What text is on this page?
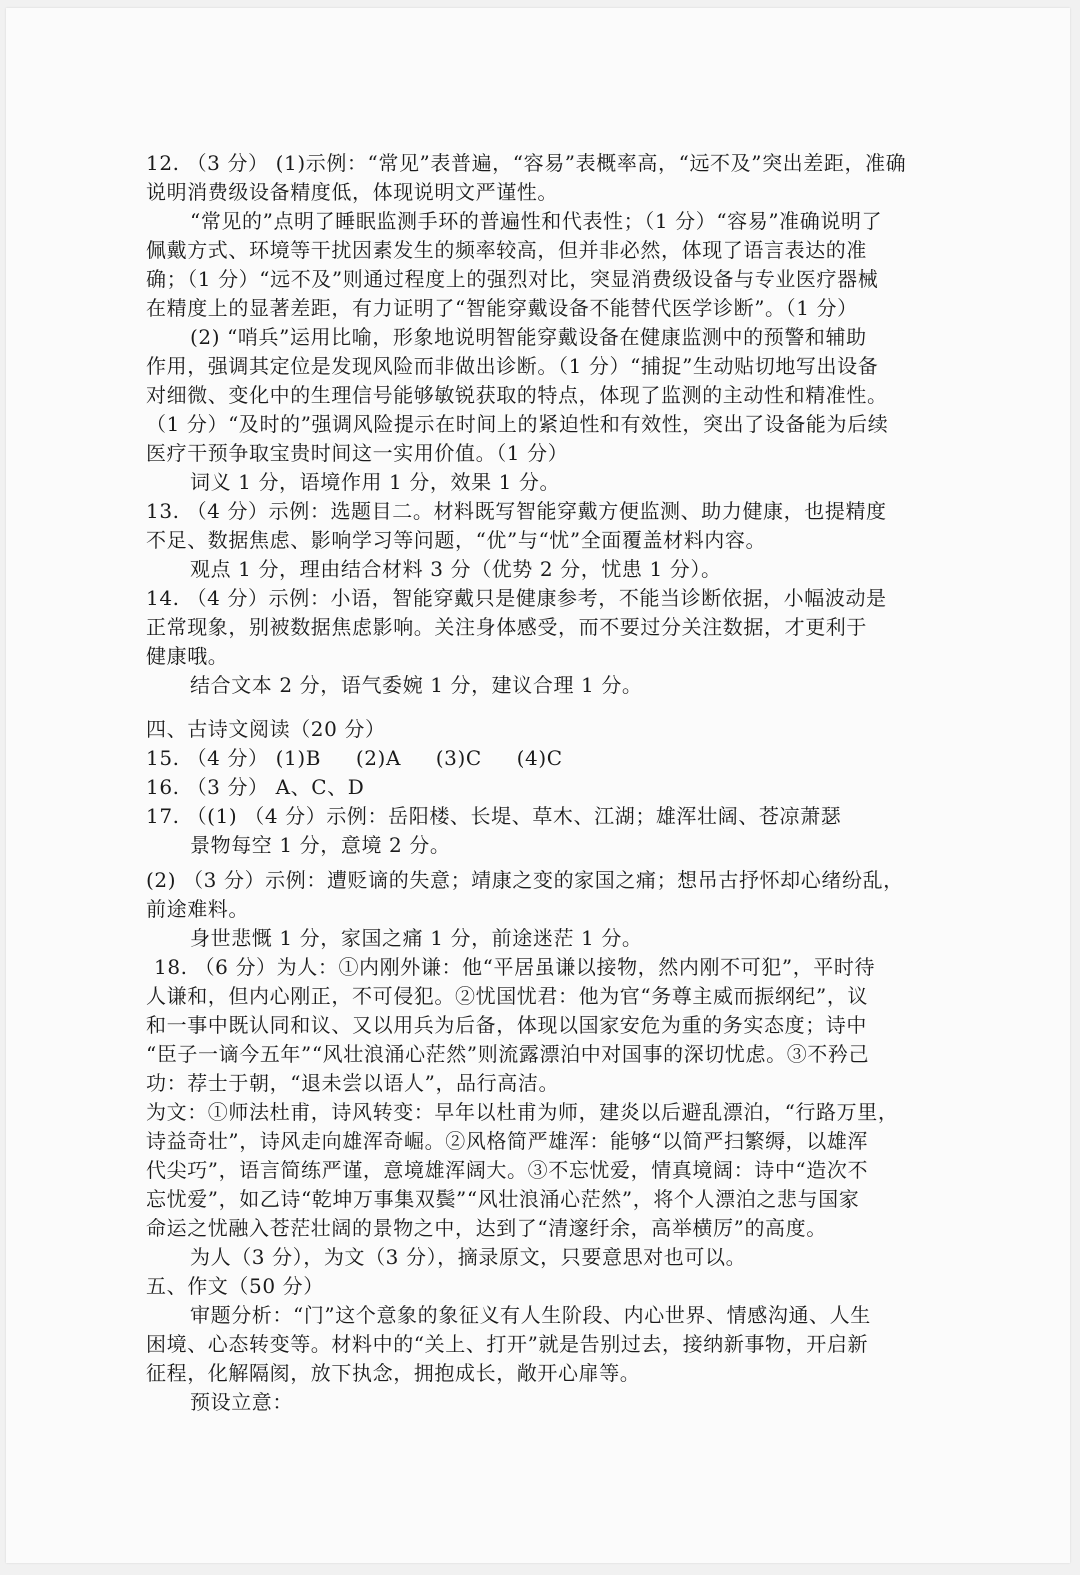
12. （3 分） (1)示例：“常见”表普遍，“容易”表概率高，“远不及”突出差距，准确
说明消费级设备精度低，体现说明文严谨性。
“常见的”点明了睡眠监测手环的普遍性和代表性；（1 分）“容易”准确说明了
佩戴方式、环境等干扰因素发生的频率较高，但并非必然，体现了语言表达的准
确；（1 分）“远不及”则通过程度上的强烈对比，突显消费级设备与专业医疗器械
在精度上的显著差距，有力证明了“智能穿戴设备不能替代医学诊断”。（1 分）
(2) “哨兵”运用比喻，形象地说明智能穿戴设备在健康监测中的预警和辅助
作用，强调其定位是发现风险而非做出诊断。（1 分）“捕捉”生动贴切地写出设备
对细微、变化中的生理信号能够敏锐获取的特点，体现了监测的主动性和精准性。
（1 分）“及时的”强调风险提示在时间上的紧迫性和有效性，突出了设备能为后续
医疗干预争取宝贵时间这一实用价值。（1 分）
词义 1 分，语境作用 1 分，效果 1 分。
13. （4 分）示例：选题目二。材料既写智能穿戴方便监测、助力健康，也提精度
不足、数据焦虑、影响学习等问题，“优”与“忧”全面覆盖材料内容。
观点 1 分，理由结合材料 3 分（优势 2 分，忧患 1 分）。
14. （4 分）示例：小语，智能穿戴只是健康参考，不能当诊断依据，小幅波动是
正常现象，别被数据焦虑影响。关注身体感受，而不要过分关注数据，才更利于
健康哦。
结合文本 2 分，语气委婉 1 分，建议合理 1 分。
四、古诗文阅读（20 分）
15. （4 分） (1)B     (2)A     (3)C     (4)C
16. （3 分） A、C、D
17. （(1) （4 分）示例：岳阳楼、长堤、草木、江湖；雄浑壮阔、苍凉萧瑟
景物每空 1 分，意境 2 分。
(2) （3 分）示例：遭贬谪的失意；靖康之变的家国之痛；想吊古抒怀却心绪纷乱，
前途难料。
身世悲慨 1 分，家国之痛 1 分，前途迷茫 1 分。
18. （6 分）为人：①内刚外谦：他“平居虽谦以接物，然内刚不可犯”，平时待
人谦和，但内心刚正，不可侵犯。②忧国忧君：他为官“务尊主威而振纲纪”，议
和一事中既认同和议、又以用兵为后备，体现以国家安危为重的务实态度；诗中
“臣子一谪今五年”“风壮浪涌心茫然”则流露漂泊中对国事的深切忧虑。③不矜己
功：荐士于朝，“退未尝以语人”，品行高洁。
为文：①师法杜甫，诗风转变：早年以杜甫为师，建炎以后避乱漂泊，“行路万里，
诗益奇壮”，诗风走向雄浑奇崛。②风格简严雄浑：能够“以简严扫繁缛，以雄浑
代尖巧”，语言简练严谨，意境雄浑阔大。③不忘忧爱，情真境阔：诗中“造次不
忘忧爱”，如乙诗“乾坤万事集双鬓”“风壮浪涌心茫然”，将个人漂泊之悲与国家
命运之忧融入苍茫壮阔的景物之中，达到了“清邃纡余，高举横厉”的高度。
为人（3 分），为文（3 分），摘录原文，只要意思对也可以。
五、作文（50 分）
审题分析：“门”这个意象的象征义有人生阶段、内心世界、情感沟通、人生
困境、心态转变等。材料中的“关上、打开”就是告别过去，接纳新事物，开启新
征程，化解隔阂，放下执念，拥抱成长，敞开心扉等。
预设立意：
